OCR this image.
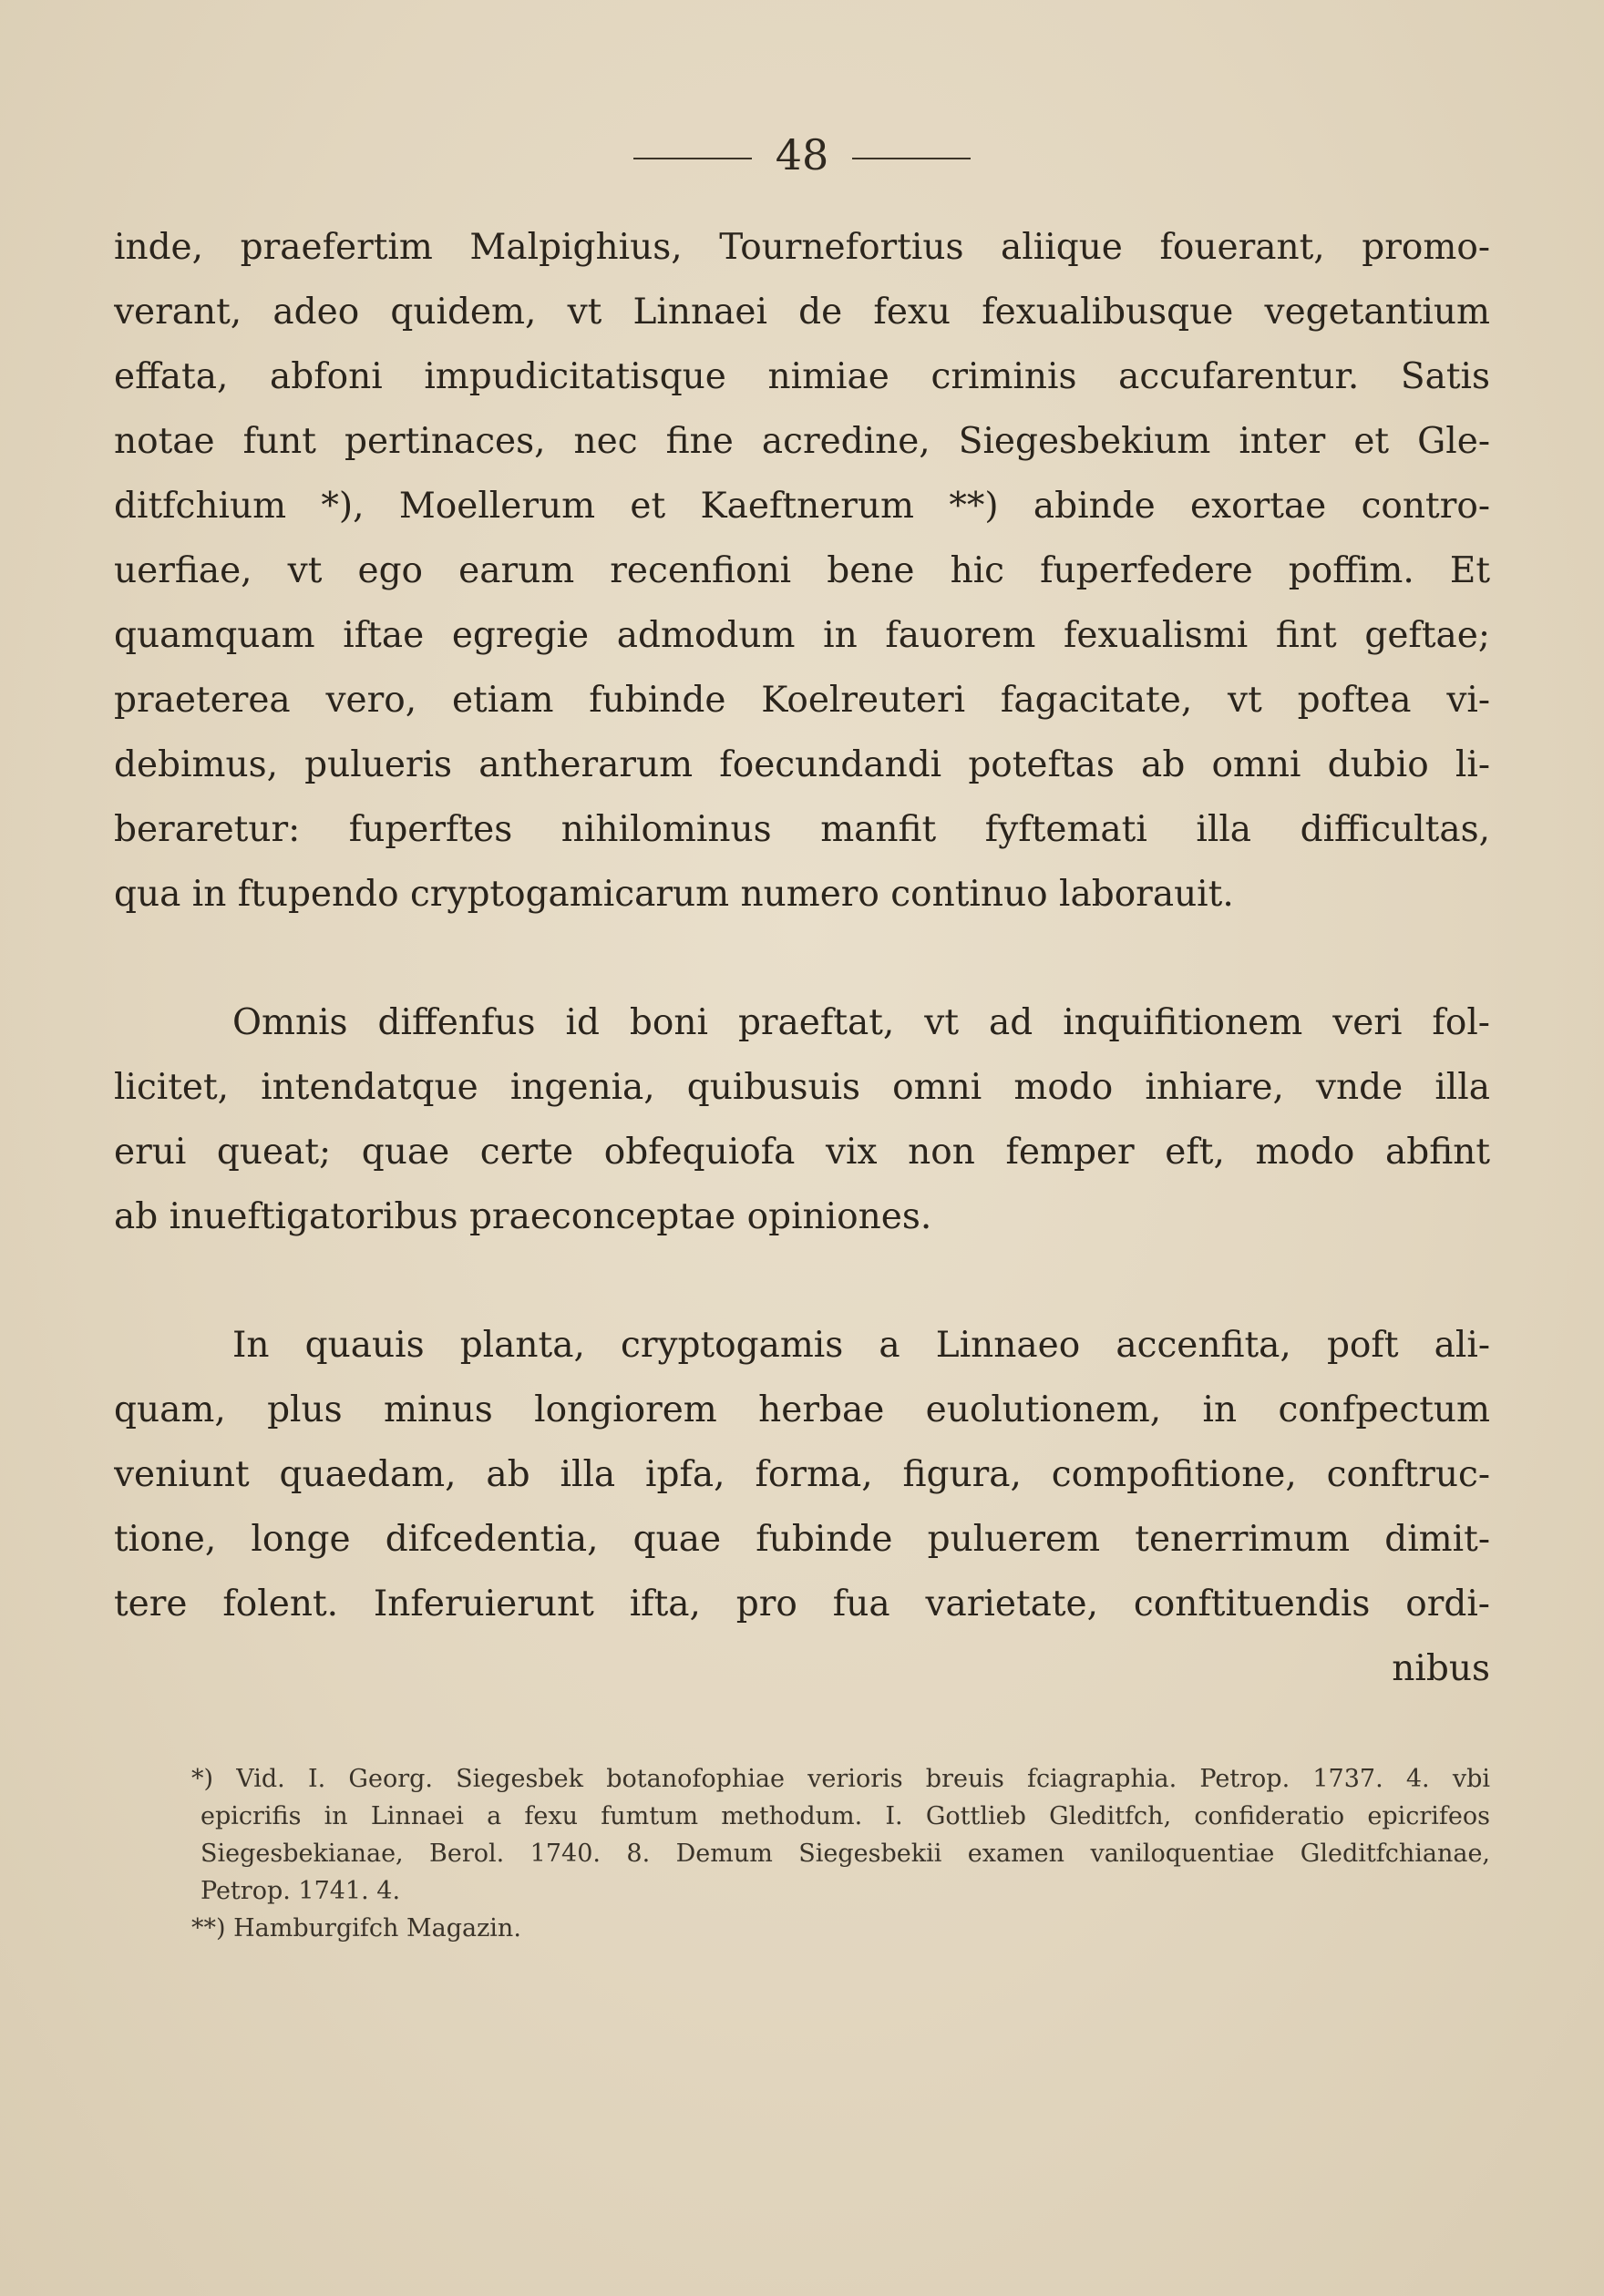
48
inde, praefertim Malpighius, Tournefortius aliique fouerant, promo-
verant, adeo quidem, vt Linnaei de fexu fexualibusque vegetantium
effata, abfoni impudicitatisque nimiae criminis accufarentur. Satis
notae funt pertinaces, nec fine acredine, Siegesbekium inter et Gle-
ditfchium *), Moellerum et Kaeftnerum **) abinde exortae contro-
uerfiae, vt ego earum recenfioni bene hic fuperfedere poffim. Et
quamquam iftae egregie admodum in fauorem fexualismi fint geftae;
praeterea vero, etiam fubinde Koelreuteri fagacitate, vt poftea vi-
debimus, pulueris antherarum foecundandi poteftas ab omni dubio li-
beraretur: fuperftes nihilominus manfit fyftemati illa difficultas,
qua in ftupendo cryptogamicarum numero continuo laborauit.
Omnis diffenfus id boni praeftat, vt ad inquifitionem veri fol-
licitet, intendatque ingenia, quibusuis omni modo inhiare, vnde illa
erui queat; quae certe obfequiofa vix non femper eft, modo abfint
ab inueftigatoribus praeconceptae opiniones.
In quauis planta, cryptogamis a Linnaeo accenfita, poft ali-
quam, plus minus longiorem herbae euolutionem, in confpectum
veniunt quaedam, ab illa ipfa, forma, figura, compofitione, conftruc-
tione, longe difcedentia, quae fubinde puluerem tenerrimum dimit-
tere folent. Inferuierunt ifta, pro fua varietate, conftituendis ordi-
nibus
*) Vid. I. Georg. Siegesbek botanofophiae verioris breuis fciagraphia. Petrop. 1737. 4. vbi
epicrifis in Linnaei a fexu fumtum methodum. I. Gottlieb Gleditfch, confideratio epicrifeos
Siegesbekianae, Berol. 1740. 8. Demum Siegesbekii examen vaniloquentiae Gleditfchianae,
Petrop. 1741. 4.
**) Hamburgifch Magazin.
